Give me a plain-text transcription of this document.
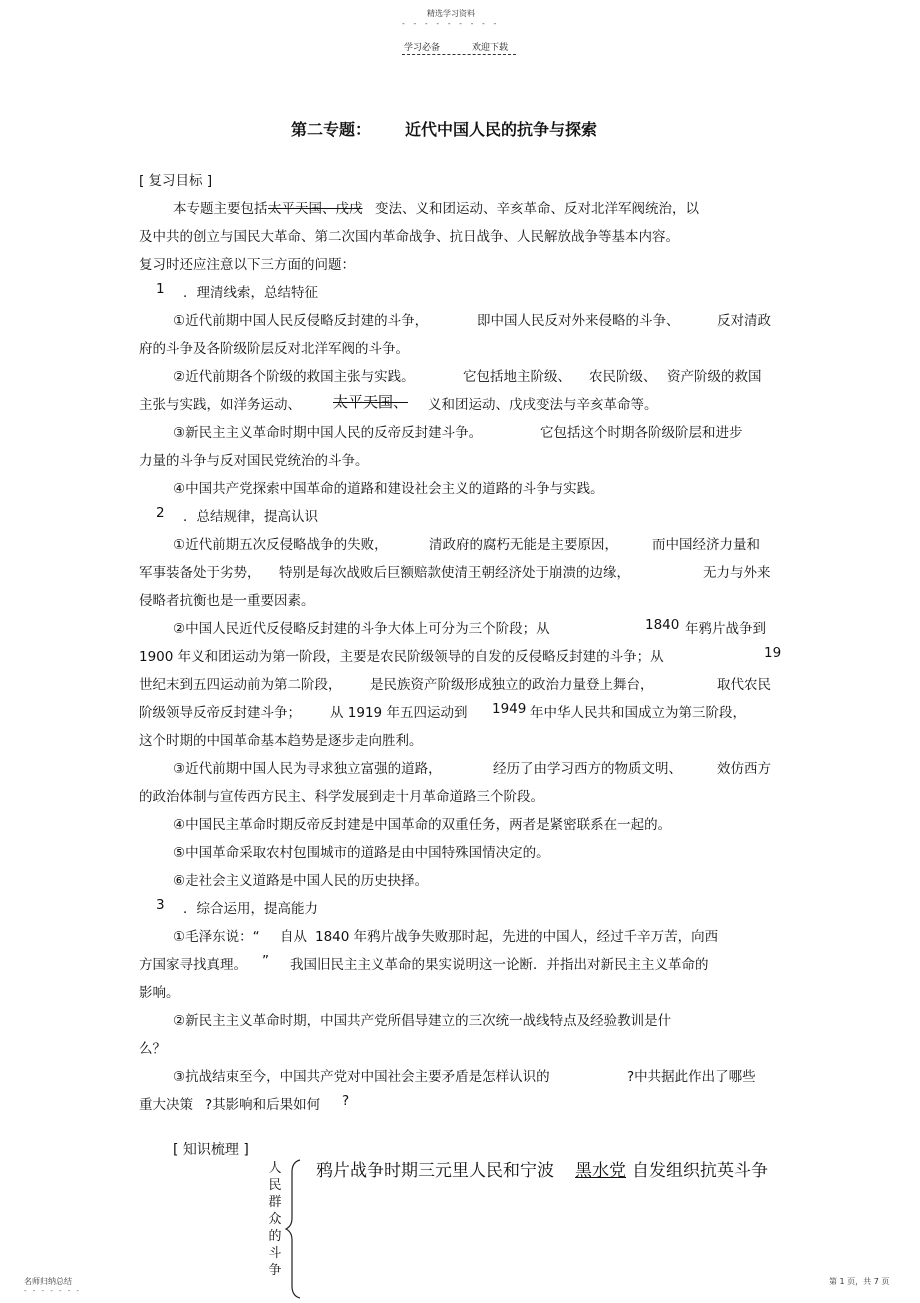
精选学习资料
- - - - - - - - -
学习必备	欢迎下载
第二专题： 近代中国人民的抗争与探索
[ 复习目标 ]
本专题主要包括 太平天国、戊戌 变法、义和团运动、辛亥革命、反对北洋军阀统治，以
及中共的创立与国民大革命、第二次国内革命战争、抗日战争、人民解放战争等基本内容。
复习时还应注意以下三方面的问题：
1 ．理清线索，总结特征
①近代前期中国人民反侵略反封建的斗争，	即中国人民反对外来侵略的斗争、	反对清政
府的斗争及各阶级阶层反对北洋军阀的斗争。
②近代前期各个阶级的救国主张与实践。	它包括地主阶级、 农民阶级、 资产阶级的救国
主张与实践，如洋务运动、 太平天国、 义和团运动、戊戌变法与辛亥革命等。
③新民主主义革命时期中国人民的反帝反封建斗争。	它包括这个时期各阶级阶层和进步
力量的斗争与反对国民党统治的斗争。
④中国共产党探索中国革命的道路和建设社会主义的道路的斗争与实践。
2 ．总结规律，提高认识
①近代前期五次反侵略战争的失败，	清政府的腐朽无能是主要原因，	而中国经济力量和
军事装备处于劣势， 特别是每次战败后巨额赔款使清王朝经济处于崩溃的边缘，	无力与外来
侵略者抗衡也是一重要因素。
②中国人民近代反侵略反封建的斗争大体上可分为三个阶段；从	1840 年鸦片战争到
1900 年义和团运动为第一阶段，主要是农民阶级领导的自发的反侵略反封建的斗争；从	19
世纪末到五四运动前为第二阶段， 是民族资产阶级形成独立的政治力量登上舞台，	取代农民
阶级领导反帝反封建斗争； 从 1919 年五四运动到 1949 年中华人民共和国成立为第三阶段，
这个时期的中国革命基本趋势是逐步走向胜利。
③近代前期中国人民为寻求独立富强的道路，	经历了由学习西方的物质文明、	效仿西方
的政治体制与宣传西方民主、科学发展到走十月革命道路三个阶段。
④中国民主革命时期反帝反封建是中国革命的双重任务，两者是紧密联系在一起的。
⑤中国革命采取农村包围城市的道路是由中国特殊国情决定的。
⑥走社会主义道路是中国人民的历史抉择。
3 ．综合运用，提高能力
①毛泽东说：“ 自从 1840 年鸦片战争失败那时起，先进的中国人，经过千辛万苦，向西
方国家寻找真理。 ” 我国旧民主主义革命的果实说明这一论断．并指出对新民主主义革命的
影响。
②新民主主义革命时期，中国共产党所倡导建立的三次统一战线特点及经验教训是什
么？
③抗战结束至今，中国共产党对中国社会主要矛盾是怎样认识的	?中共据此作出了哪些
重大决策 ?其影响和后果如何 ?
[ 知识梳理 ]
人民群众的斗争
鸦片战争时期三元里人民和宁波 黑水党 自发组织抗英斗争
名师归纳总结
- - - - - - -
第 1 页，共 7 页
